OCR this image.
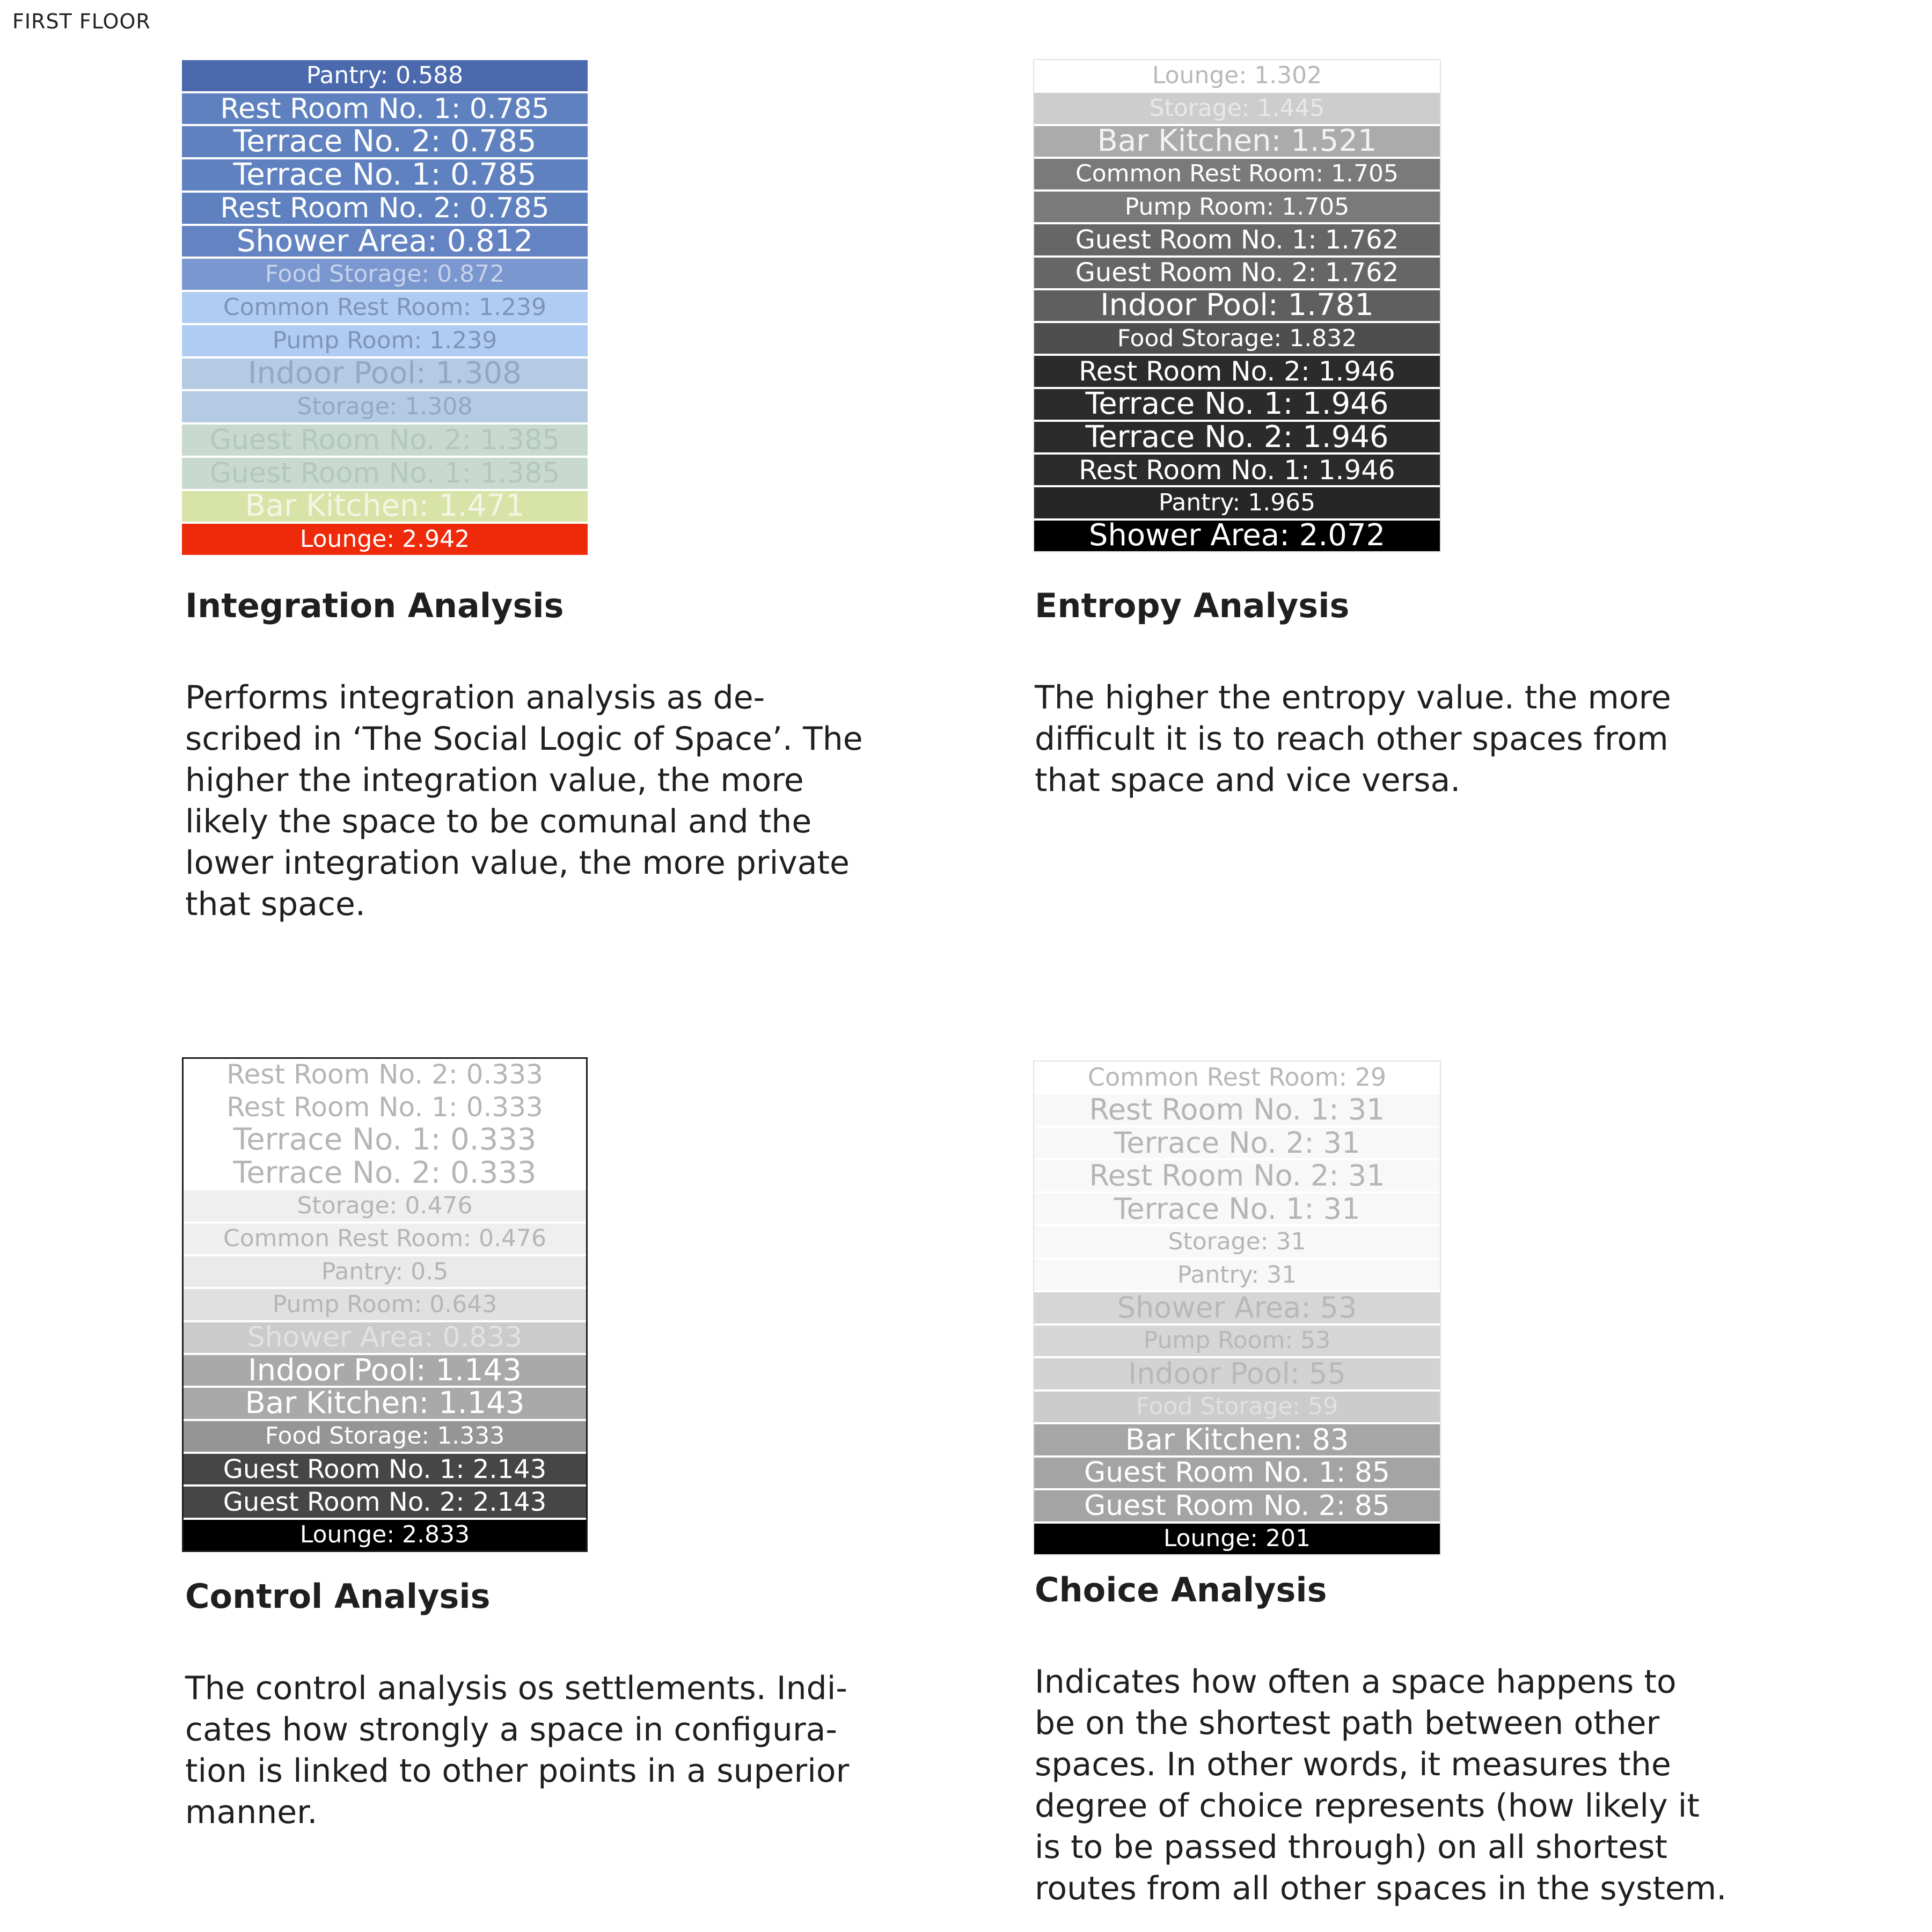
FIRST FLOOR
Pantry: 0.588
Rest Room No. 1: 0.785
Terrace No. 2: 0.785
Terrace No. 1: 0.785
Rest Room No. 2: 0.785
Shower Area: 0.812
Food Storage: 0.872
Common Rest Room: 1.239
Pump Room: 1.239
Indoor Pool: 1.308
Storage: 1.308
Guest Room No. 2: 1.385
Guest Room No. 1: 1.385
Bar Kitchen: 1.471
Lounge: 2.942
Integration Analysis
Performs integration analysis as de-
scribed in ‘The Social Logic of Space’. The
higher the integration value, the more
likely the space to be comunal and the
lower integration value, the more private
that space.
Lounge: 1.302
Storage: 1.445
Bar Kitchen: 1.521
Common Rest Room: 1.705
Pump Room: 1.705
Guest Room No. 1: 1.762
Guest Room No. 2: 1.762
Indoor Pool: 1.781
Food Storage: 1.832
Rest Room No. 2: 1.946
Terrace No. 1: 1.946
Terrace No. 2: 1.946
Rest Room No. 1: 1.946
Pantry: 1.965
Shower Area: 2.072
Entropy Analysis
The higher the entropy value. the more
difficult it is to reach other spaces from
that space and vice versa.
Rest Room No. 2: 0.333
Rest Room No. 1: 0.333
Terrace No. 1: 0.333
Terrace No. 2: 0.333
Storage: 0.476
Common Rest Room: 0.476
Pantry: 0.5
Pump Room: 0.643
Shower Area: 0.833
Indoor Pool: 1.143
Bar Kitchen: 1.143
Food Storage: 1.333
Guest Room No. 1: 2.143
Guest Room No. 2: 2.143
Lounge: 2.833
Control Analysis
The control analysis os settlements. Indi-
cates how strongly a space in configura-
tion is linked to other points in a superior
manner.
Common Rest Room: 29
Rest Room No. 1: 31
Terrace No. 2: 31
Rest Room No. 2: 31
Terrace No. 1: 31
Storage: 31
Pantry: 31
Shower Area: 53
Pump Room: 53
Indoor Pool: 55
Food Storage: 59
Bar Kitchen: 83
Guest Room No. 1: 85
Guest Room No. 2: 85
Lounge: 201
Choice Analysis
Indicates how often a space happens to
be on the shortest path between other
spaces. In other words, it measures the
degree of choice represents (how likely it
is to be passed through) on all shortest
routes from all other spaces in the system.
